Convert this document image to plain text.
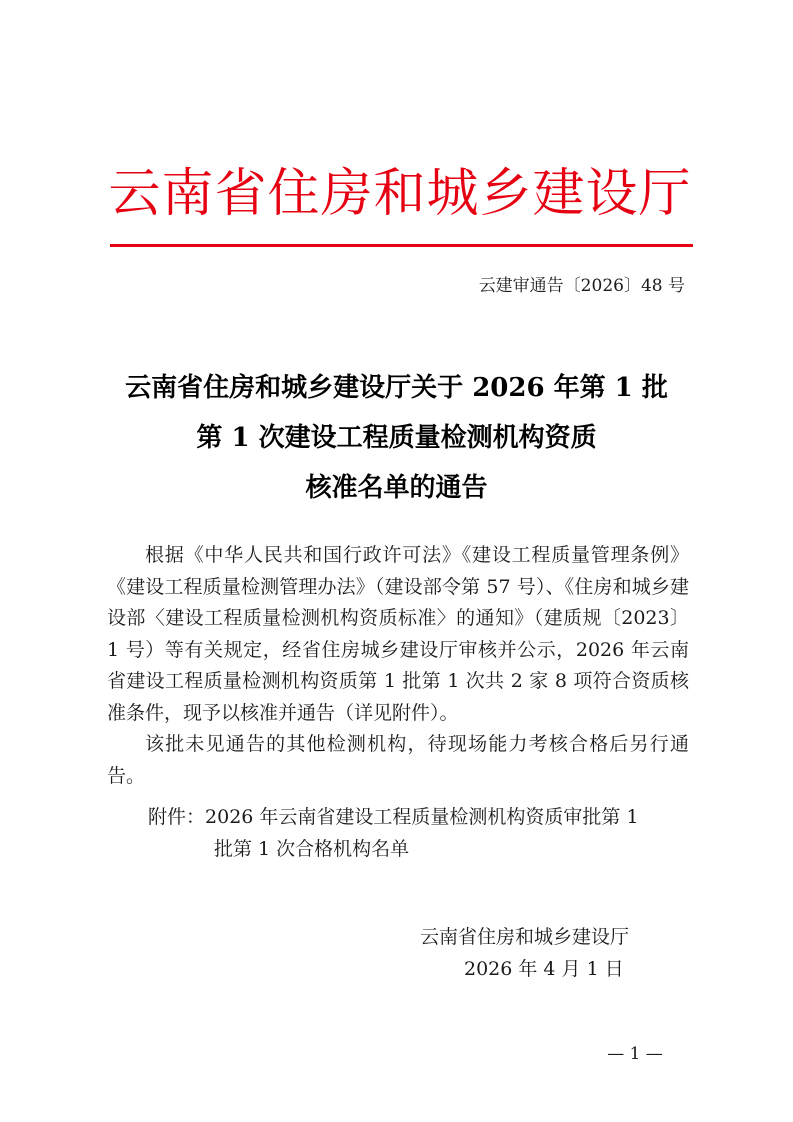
云南省住房和城乡建设厅
云建审通告〔2026〕48 号
云南省住房和城乡建设厅关于 2026 年第 1 批
第 1 次建设工程质量检测机构资质
核准名单的通告

根据《中华人民共和国行政许可法》《建设工程质量管理条例》《建设工程质量检测管理办法》（建设部令第 57 号）、《住房和城乡建设部〈建设工程质量检测机构资质标准〉的通知》（建质规〔2023〕1 号）等有关规定，经省住房城乡建设厅审核并公示，2026 年云南省建设工程质量检测机构资质第 1 批第 1 次共 2 家 8 项符合资质核准条件，现予以核准并通告（详见附件）。

该批未见通告的其他检测机构，待现场能力考核合格后另行通告。

附件：2026 年云南省建设工程质量检测机构资质审批第 1
批第 1 次合格机构名单
云南省住房和城乡建设厅
2026 年 4 月 1 日
— 1 —
